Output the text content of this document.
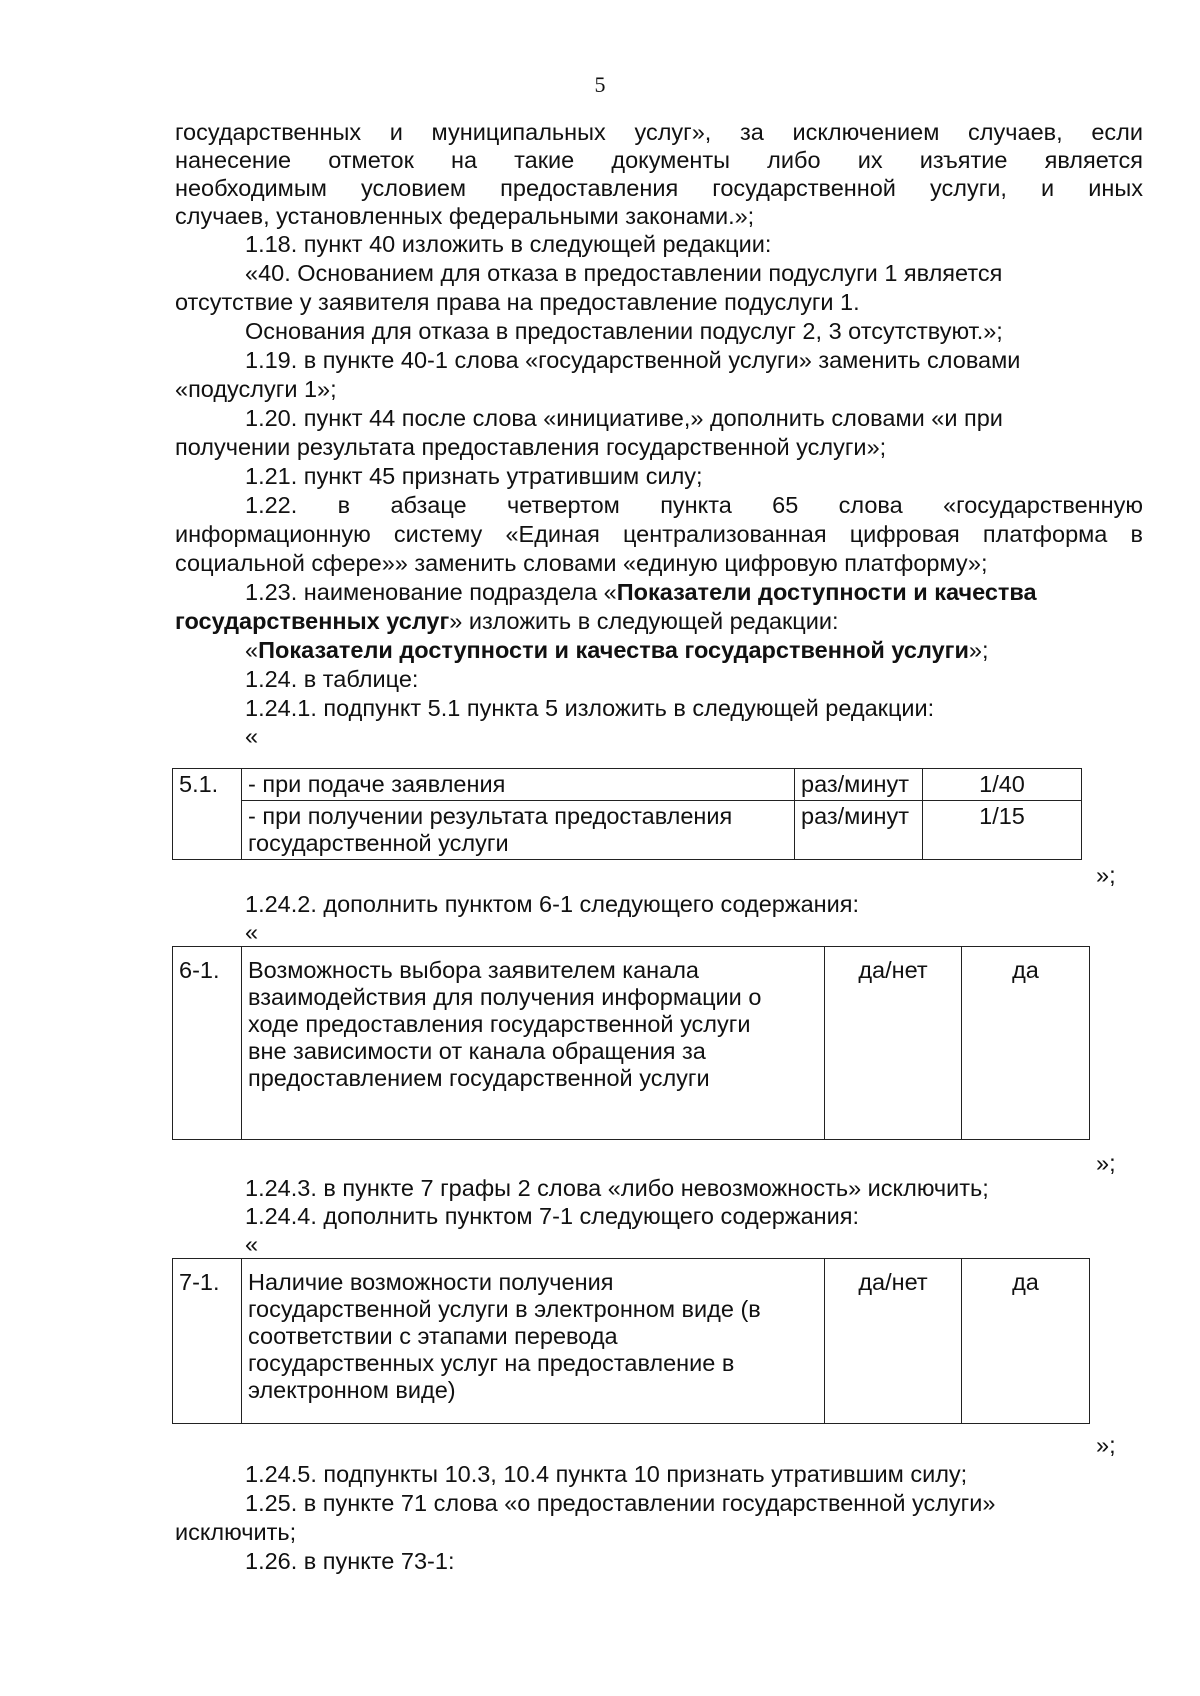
5
государственных и муниципальных услуг», за исключением случаев, если
нанесение отметок на такие документы либо их изъятие является
необходимым условием предоставления государственной услуги, и иных
случаев, установленных федеральными законами.»;
1.18. пункт 40 изложить в следующей редакции:
«40. Основанием для отказа в предоставлении подуслуги 1 является
отсутствие у заявителя права на предоставление подуслуги 1.
Основания для отказа в предоставлении подуслуг 2, 3 отсутствуют.»;
1.19. в пункте 40-1 слова «государственной услуги» заменить словами
«подуслуги 1»;
1.20. пункт 44 после слова «инициативе,» дополнить словами «и при
получении результата предоставления государственной услуги»;
1.21. пункт 45 признать утратившим силу;
1.22. в абзаце четвертом пункта 65 слова «государственную
информационную систему «Единая централизованная цифровая платформа в
социальной сфере»» заменить словами «единую цифровую платформу»;
1.23. наименование подраздела «Показатели доступности и качества
государственных услуг» изложить в следующей редакции:
«Показатели доступности и качества государственной услуги»;
1.24. в таблице:
1.24.1. подпункт 5.1 пункта 5 изложить в следующей редакции:
«
5.1.	- при подаче заявления	раз/минут	1/40
	- при получении результата предоставления государственной услуги	раз/минут	1/15
»;
1.24.2. дополнить пунктом 6-1 следующего содержания:
«
6-1.	Возможность выбора заявителем канала взаимодействия для получения информации о ходе предоставления государственной услуги вне зависимости от канала обращения за предоставлением государственной услуги	да/нет	да
»;
1.24.3. в пункте 7 графы 2 слова «либо невозможность» исключить;
1.24.4. дополнить пунктом 7-1 следующего содержания:
«
7-1.	Наличие возможности получения государственной услуги в электронном виде (в соответствии с этапами перевода государственных услуг на предоставление в электронном виде)	да/нет	да
»;
1.24.5. подпункты 10.3, 10.4 пункта 10 признать утратившим силу;
1.25. в пункте 71 слова «о предоставлении государственной услуги»
исключить;
1.26. в пункте 73-1:
